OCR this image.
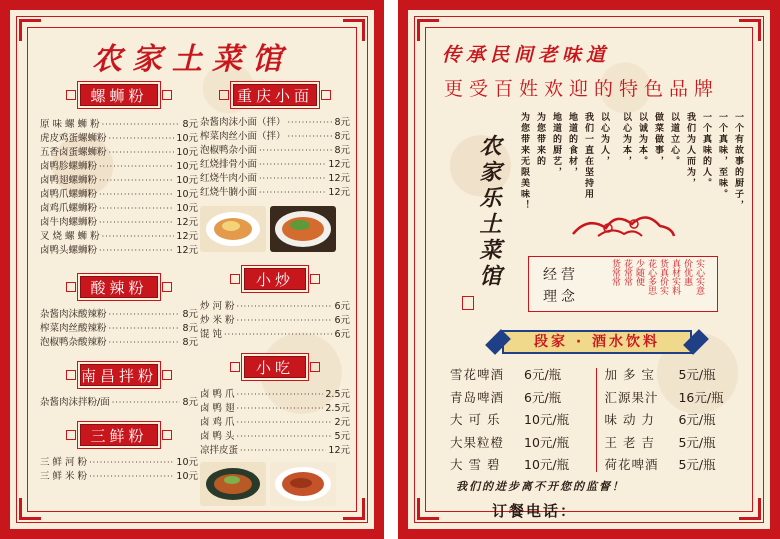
农家土菜馆
螺蛳粉
原 味 螺 蛳 粉 ·····	8元
虎皮鸡蛋螺蛳粉 ·····	10元
五香卤蛋螺蛳粉 ·····	10元
卤鸭胗螺蛳粉 ·····	10元
卤鸭翅螺蛳粉 ·····	10元
卤鸭爪螺蛳粉 ·····	10元
卤鸡爪螺蛳粉 ·····	10元
卤牛肉螺蛳粉 ·····	12元
叉 烧 螺 蛳 粉 ·····	12元
卤鸭头螺蛳粉 ·····	12元
酸辣粉
杂酱肉沫酸辣粉 ·····	8元
榨菜肉丝酸辣粉 ·····	8元
泡椒鸭杂酸辣粉 ·····	8元
南昌拌粉
杂酱肉沫拌粉/面 ·····	8元
三鲜粉
三 鲜 河 粉 ·····	10元
三 鲜 米 粉 ·····	10元
重庆小面
杂酱肉沫小面（拌） ·····	8元
榨菜肉丝小面（拌） ·····	8元
泡椒鸭杂小面 ·····	8元
红烧排骨小面 ·····	12元
红烧牛肉小面 ·····	12元
红烧牛腩小面 ·····	12元
小炒
炒 河 粉 ·····	6元
炒 米 粉 ·····	6元
馄 饨 ·····	6元
小吃
卤 鸭 爪 ·····	2.5元
卤 鸭 翅 ·····	2.5元
卤 鸡 爪 ·····	2元
卤 鸭 头 ·····	5元
凉拌皮蛋 ·····	12元
传承民间老味道
更受百姓欢迎的特色品牌
一个有故事的厨子，
一个真味，至味。
一个真味的人。
我们为人而为，
以道立心。
做菜做事，
以诚为本。
以心为本，
以心为人，
我们一直在坚持用
地道的食材，
地道的厨艺，
为您带来的
为您带来无限美味！
农家乐土菜馆	经营
理念
实心实意
价优惠
真材实料
货真价实
花心多思
少随便
花常常
货常常
段家 · 酒水饮料
雪花啤酒	6元/瓶
青岛啤酒	6元/瓶
大 可 乐	10元/瓶
大果粒橙	10元/瓶
大 雪 碧	10元/瓶
加 多 宝	5元/瓶
汇源果汁	16元/瓶
味 动 力	6元/瓶
王 老 吉	5元/瓶
荷花啤酒	5元/瓶
我们的进步离不开您的监督！
订餐电话：
